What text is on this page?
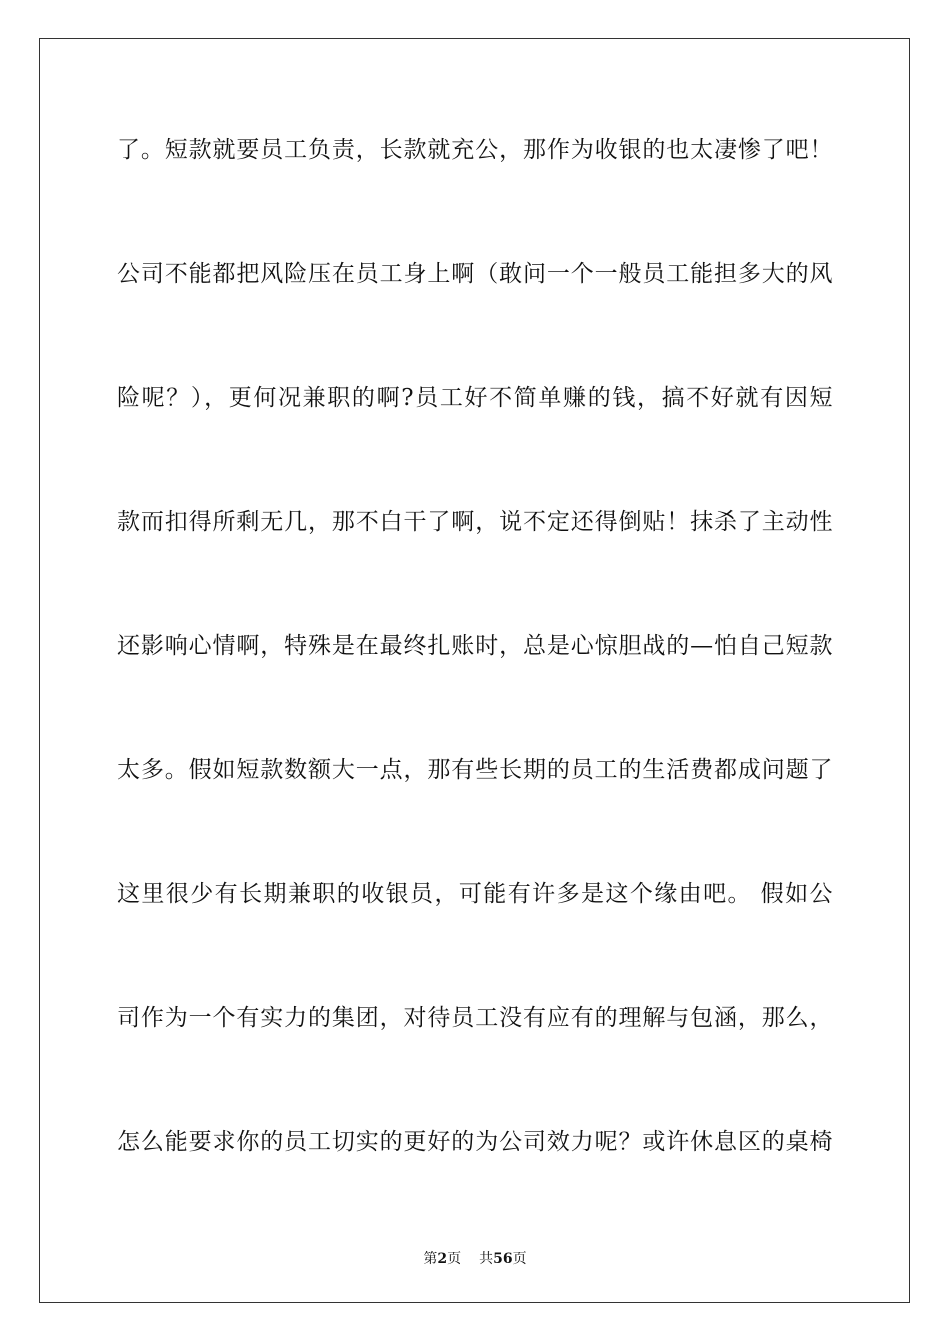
了。短款就要员工负责，长款就充公，那作为收银的也太凄惨了吧！
公司不能都把风险压在员工身上啊（敢问一个一般员工能担多大的风
险呢？），更何况兼职的啊?员工好不简单赚的钱，搞不好就有因短
款而扣得所剩无几，那不白干了啊，说不定还得倒贴！抹杀了主动性
还影响心情啊，特殊是在最终扎账时，总是心惊胆战的—怕自己短款
太多。假如短款数额大一点，那有些长期的员工的生活费都成问题了
这里很少有长期兼职的收银员，可能有许多是这个缘由吧。 假如公
司作为一个有实力的集团，对待员工没有应有的理解与包涵，那么，
怎么能要求你的员工切实的更好的为公司效力呢？或许休息区的桌椅
第2页 共56页
